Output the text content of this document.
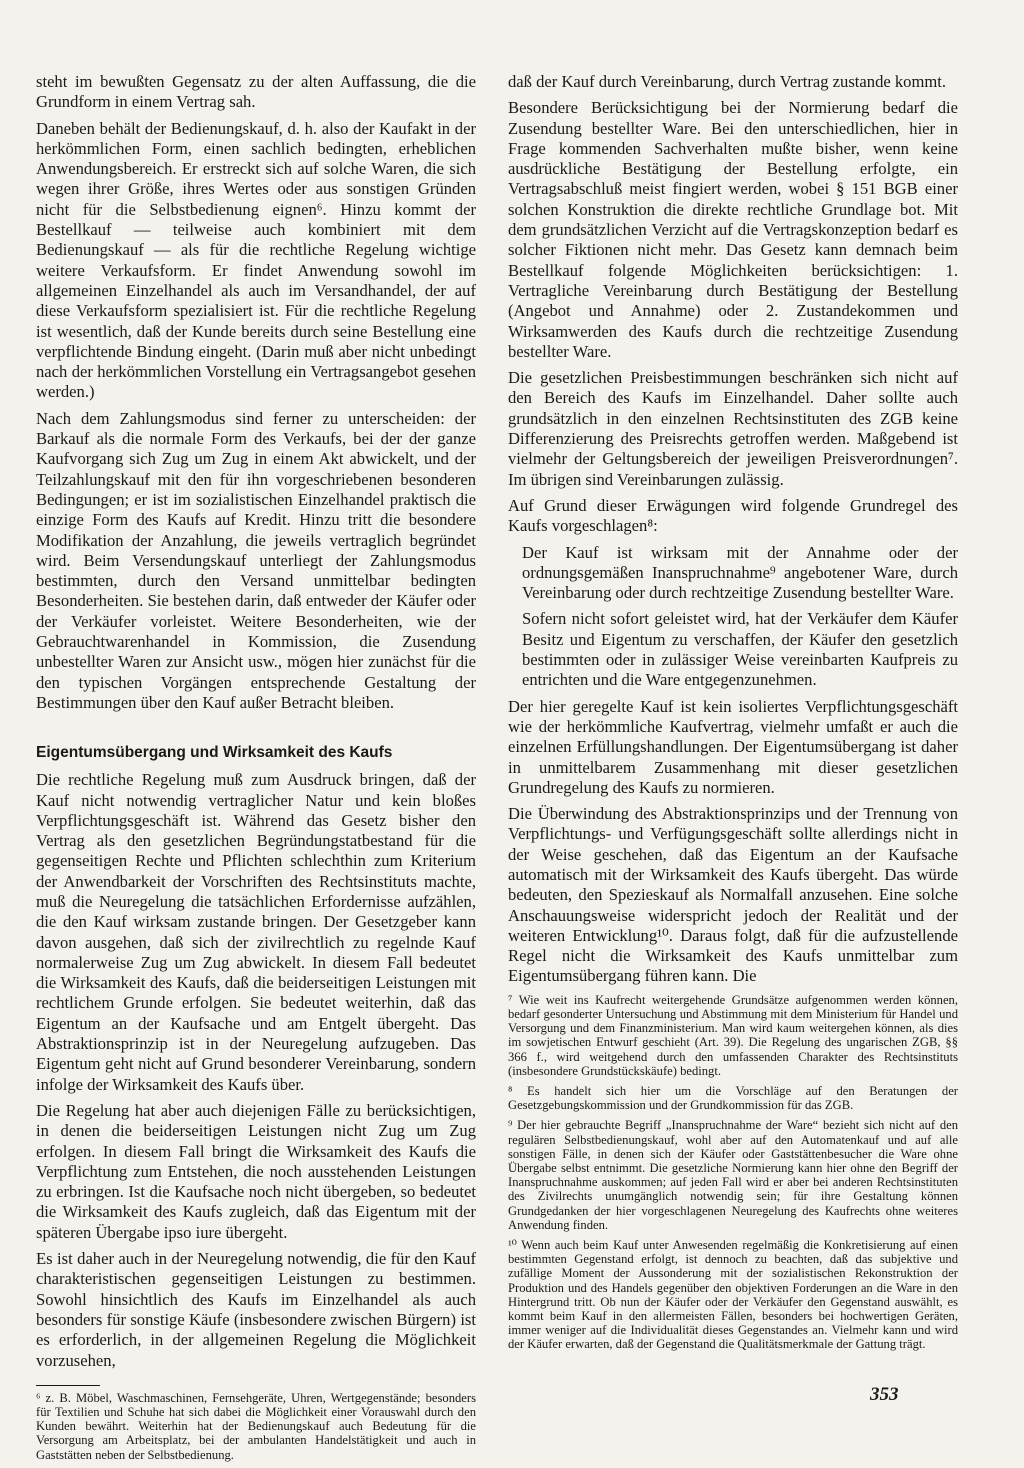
steht im bewußten Gegensatz zu der alten Auffassung, die die Grundform in einem Vertrag sah.

Daneben behält der Bedienungskauf, d. h. also der Kaufakt in der herkömmlichen Form, einen sachlich bedingten, erheblichen Anwendungsbereich. Er erstreckt sich auf solche Waren, die sich wegen ihrer Größe, ihres Wertes oder aus sonstigen Gründen nicht für die Selbstbedienung eignen⁶. Hinzu kommt der Bestellkauf — teilweise auch kombiniert mit dem Bedienungskauf — als für die rechtliche Regelung wichtige weitere Verkaufsform. Er findet Anwendung sowohl im allgemeinen Einzelhandel als auch im Versandhandel, der auf diese Verkaufsform spezialisiert ist. Für die rechtliche Regelung ist wesentlich, daß der Kunde bereits durch seine Bestellung eine verpflichtende Bindung eingeht. (Darin muß aber nicht unbedingt nach der herkömmlichen Vorstellung ein Vertragsangebot gesehen werden.)

Nach dem Zahlungsmodus sind ferner zu unterscheiden: der Barkauf als die normale Form des Verkaufs, bei der der ganze Kaufvorgang sich Zug um Zug in einem Akt abwickelt, und der Teilzahlungskauf mit den für ihn vorgeschriebenen besonderen Bedingungen; er ist im sozialistischen Einzelhandel praktisch die einzige Form des Kaufs auf Kredit. Hinzu tritt die besondere Modifikation der Anzahlung, die jeweils vertraglich begründet wird. Beim Versendungskauf unterliegt der Zahlungsmodus bestimmten, durch den Versand unmittelbar bedingten Besonderheiten. Sie bestehen darin, daß entweder der Käufer oder der Verkäufer vorleistet. Weitere Besonderheiten, wie der Gebrauchtwarenhandel in Kommission, die Zusendung unbestellter Waren zur Ansicht usw., mögen hier zunächst für die den typischen Vorgängen entsprechende Gestaltung der Bestimmungen über den Kauf außer Betracht bleiben.

Eigentumsübergang und Wirksamkeit des Kaufs

Die rechtliche Regelung muß zum Ausdruck bringen, daß der Kauf nicht notwendig vertraglicher Natur und kein bloßes Verpflichtungsgeschäft ist. Während das Gesetz bisher den Vertrag als den gesetzlichen Begründungstatbestand für die gegenseitigen Rechte und Pflichten schlechthin zum Kriterium der Anwendbarkeit der Vorschriften des Rechtsinstituts machte, muß die Neuregelung die tatsächlichen Erfordernisse aufzählen, die den Kauf wirksam zustande bringen. Der Gesetzgeber kann davon ausgehen, daß sich der zivilrechtlich zu regelnde Kauf normalerweise Zug um Zug abwickelt. In diesem Fall bedeutet die Wirksamkeit des Kaufs, daß die beiderseitigen Leistungen mit rechtlichem Grunde erfolgen. Sie bedeutet weiterhin, daß das Eigentum an der Kaufsache und am Entgelt übergeht. Das Abstraktionsprinzip ist in der Neuregelung aufzugeben. Das Eigentum geht nicht auf Grund besonderer Vereinbarung, sondern infolge der Wirksamkeit des Kaufs über.

Die Regelung hat aber auch diejenigen Fälle zu berücksichtigen, in denen die beiderseitigen Leistungen nicht Zug um Zug erfolgen. In diesem Fall bringt die Wirksamkeit des Kaufs die Verpflichtung zum Entstehen, die noch ausstehenden Leistungen zu erbringen. Ist die Kaufsache noch nicht übergeben, so bedeutet die Wirksamkeit des Kaufs zugleich, daß das Eigentum mit der späteren Übergabe ipso iure übergeht.

Es ist daher auch in der Neuregelung notwendig, die für den Kauf charakteristischen gegenseitigen Leistungen zu bestimmen. Sowohl hinsichtlich des Kaufs im Einzelhandel als auch besonders für sonstige Käufe (insbesondere zwischen Bürgern) ist es erforderlich, in der allgemeinen Regelung die Möglichkeit vorzusehen,

⁶ z. B. Möbel, Waschmaschinen, Fernsehgeräte, Uhren, Wertgegenstände; besonders für Textilien und Schuhe hat sich dabei die Möglichkeit einer Vorauswahl durch den Kunden bewährt. Weiterhin hat der Bedienungskauf auch Bedeutung für die Versorgung am Arbeitsplatz, bei der ambulanten Handelstätigkeit und auch in Gaststätten neben der Selbstbedienung.

daß der Kauf durch Vereinbarung, durch Vertrag zustande kommt.

Besondere Berücksichtigung bei der Normierung bedarf die Zusendung bestellter Ware. Bei den unterschiedlichen, hier in Frage kommenden Sachverhalten mußte bisher, wenn keine ausdrückliche Bestätigung der Bestellung erfolgte, ein Vertragsabschluß meist fingiert werden, wobei § 151 BGB einer solchen Konstruktion die direkte rechtliche Grundlage bot. Mit dem grundsätzlichen Verzicht auf die Vertragskonzeption bedarf es solcher Fiktionen nicht mehr. Das Gesetz kann demnach beim Bestellkauf folgende Möglichkeiten berücksichtigen: 1. Vertragliche Vereinbarung durch Bestätigung der Bestellung (Angebot und Annahme) oder 2. Zustandekommen und Wirksamwerden des Kaufs durch die rechtzeitige Zusendung bestellter Ware.

Die gesetzlichen Preisbestimmungen beschränken sich nicht auf den Bereich des Kaufs im Einzelhandel. Daher sollte auch grundsätzlich in den einzelnen Rechtsinstituten des ZGB keine Differenzierung des Preisrechts getroffen werden. Maßgebend ist vielmehr der Geltungsbereich der jeweiligen Preisverordnungen⁷. Im übrigen sind Vereinbarungen zulässig.

Auf Grund dieser Erwägungen wird folgende Grundregel des Kaufs vorgeschlagen⁸:

Der Kauf ist wirksam mit der Annahme oder der ordnungsgemäßen Inanspruchnahme⁹ angebotener Ware, durch Vereinbarung oder durch rechtzeitige Zusendung bestellter Ware.

Sofern nicht sofort geleistet wird, hat der Verkäufer dem Käufer Besitz und Eigentum zu verschaffen, der Käufer den gesetzlich bestimmten oder in zulässiger Weise vereinbarten Kaufpreis zu entrichten und die Ware entgegenzunehmen.

Der hier geregelte Kauf ist kein isoliertes Verpflichtungsgeschäft wie der herkömmliche Kaufvertrag, vielmehr umfaßt er auch die einzelnen Erfüllungshandlungen. Der Eigentumsübergang ist daher in unmittelbarem Zusammenhang mit dieser gesetzlichen Grundregelung des Kaufs zu normieren.

Die Überwindung des Abstraktionsprinzips und der Trennung von Verpflichtungs- und Verfügungsgeschäft sollte allerdings nicht in der Weise geschehen, daß das Eigentum an der Kaufsache automatisch mit der Wirksamkeit des Kaufs übergeht. Das würde bedeuten, den Spezieskauf als Normalfall anzusehen. Eine solche Anschauungsweise widerspricht jedoch der Realität und der weiteren Entwicklung¹⁰. Daraus folgt, daß für die aufzustellende Regel nicht die Wirksamkeit des Kaufs unmittelbar zum Eigentumsübergang führen kann. Die

⁷ Wie weit ins Kaufrecht weitergehende Grundsätze aufgenommen werden können, bedarf gesonderter Untersuchung und Abstimmung mit dem Ministerium für Handel und Versorgung und dem Finanzministerium. Man wird kaum weitergehen können, als dies im sowjetischen Entwurf geschieht (Art. 39). Die Regelung des ungarischen ZGB, §§ 366 f., wird weitgehend durch den umfassenden Charakter des Rechtsinstituts (insbesondere Grundstückskäufe) bedingt.

⁸ Es handelt sich hier um die Vorschläge auf den Beratungen der Gesetzgebungskommission und der Grundkommission für das ZGB.

⁹ Der hier gebrauchte Begriff „Inanspruchnahme der Ware“ bezieht sich nicht auf den regulären Selbstbedienungskauf, wohl aber auf den Automatenkauf und auf alle sonstigen Fälle, in denen sich der Käufer oder Gaststättenbesucher die Ware ohne Übergabe selbst entnimmt. Die gesetzliche Normierung kann hier ohne den Begriff der Inanspruchnahme auskommen; auf jeden Fall wird er aber bei anderen Rechtsinstituten des Zivilrechts unumgänglich notwendig sein; für ihre Gestaltung können Grundgedanken der hier vorgeschlagenen Neuregelung des Kaufrechts ohne weiteres Anwendung finden.

¹⁰ Wenn auch beim Kauf unter Anwesenden regelmäßig die Konkretisierung auf einen bestimmten Gegenstand erfolgt, ist dennoch zu beachten, daß das subjektive und zufällige Moment der Aussonderung mit der sozialistischen Rekonstruktion der Produktion und des Handels gegenüber den objektiven Forderungen an die Ware in den Hintergrund tritt. Ob nun der Käufer oder der Verkäufer den Gegenstand auswählt, es kommt beim Kauf in den allermeisten Fällen, besonders bei hochwertigen Geräten, immer weniger auf die Individualität dieses Gegenstandes an. Vielmehr kann und wird der Käufer erwarten, daß der Gegenstand die Qualitätsmerkmale der Gattung trägt.

353
